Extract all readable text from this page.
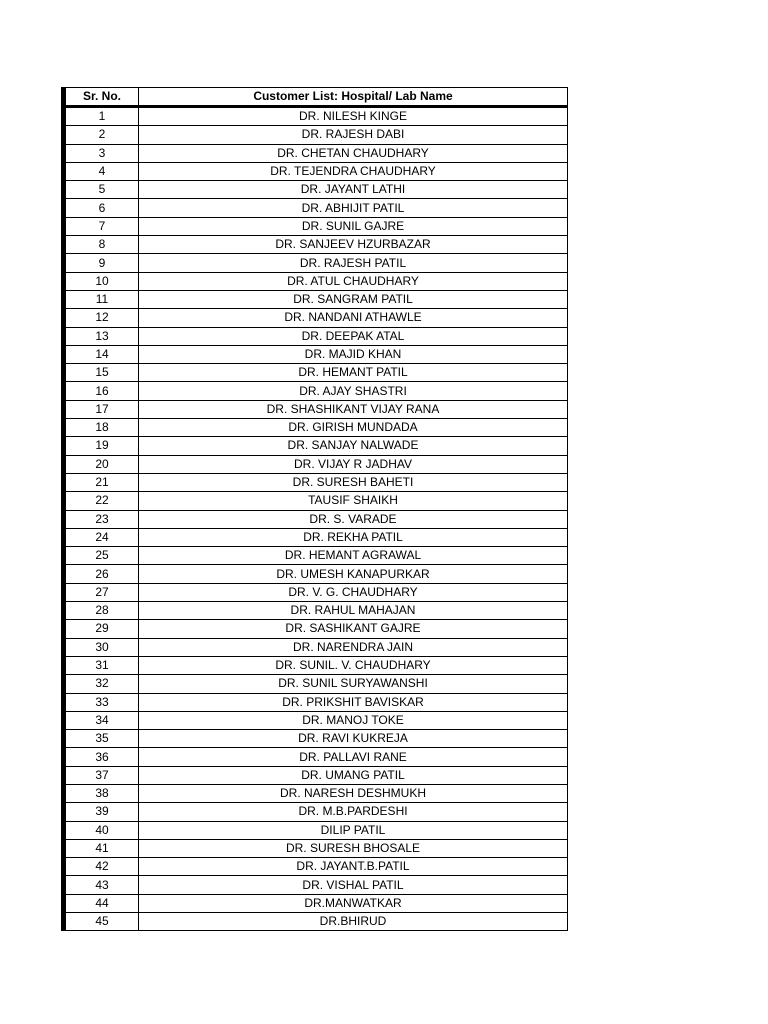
Sr. No.	Customer List: Hospital/ Lab Name
1	DR. NILESH KINGE
2	DR. RAJESH DABI
3	DR. CHETAN CHAUDHARY
4	DR. TEJENDRA CHAUDHARY
5	DR. JAYANT LATHI
6	DR. ABHIJIT PATIL
7	DR. SUNIL GAJRE
8	DR. SANJEEV HZURBAZAR
9	DR. RAJESH PATIL
10	DR. ATUL CHAUDHARY
11	DR. SANGRAM PATIL
12	DR. NANDANI ATHAWLE
13	DR. DEEPAK ATAL
14	DR. MAJID KHAN
15	DR. HEMANT PATIL
16	DR. AJAY SHASTRI
17	DR. SHASHIKANT VIJAY RANA
18	DR. GIRISH MUNDADA
19	DR. SANJAY NALWADE
20	DR. VIJAY R JADHAV
21	DR. SURESH BAHETI
22	TAUSIF SHAIKH
23	DR. S. VARADE
24	DR. REKHA PATIL
25	DR. HEMANT AGRAWAL
26	DR. UMESH KANAPURKAR
27	DR. V. G. CHAUDHARY
28	DR. RAHUL MAHAJAN
29	DR. SASHIKANT GAJRE
30	DR. NARENDRA JAIN
31	DR. SUNIL. V. CHAUDHARY
32	DR. SUNIL SURYAWANSHI
33	DR. PRIKSHIT BAVISKAR
34	DR. MANOJ TOKE
35	DR. RAVI KUKREJA
36	DR. PALLAVI RANE
37	DR. UMANG PATIL
38	DR. NARESH DESHMUKH
39	DR. M.B.PARDESHI
40	DILIP PATIL
41	DR. SURESH BHOSALE
42	DR. JAYANT.B.PATIL
43	DR. VISHAL PATIL
44	DR.MANWATKAR
45	DR.BHIRUD
